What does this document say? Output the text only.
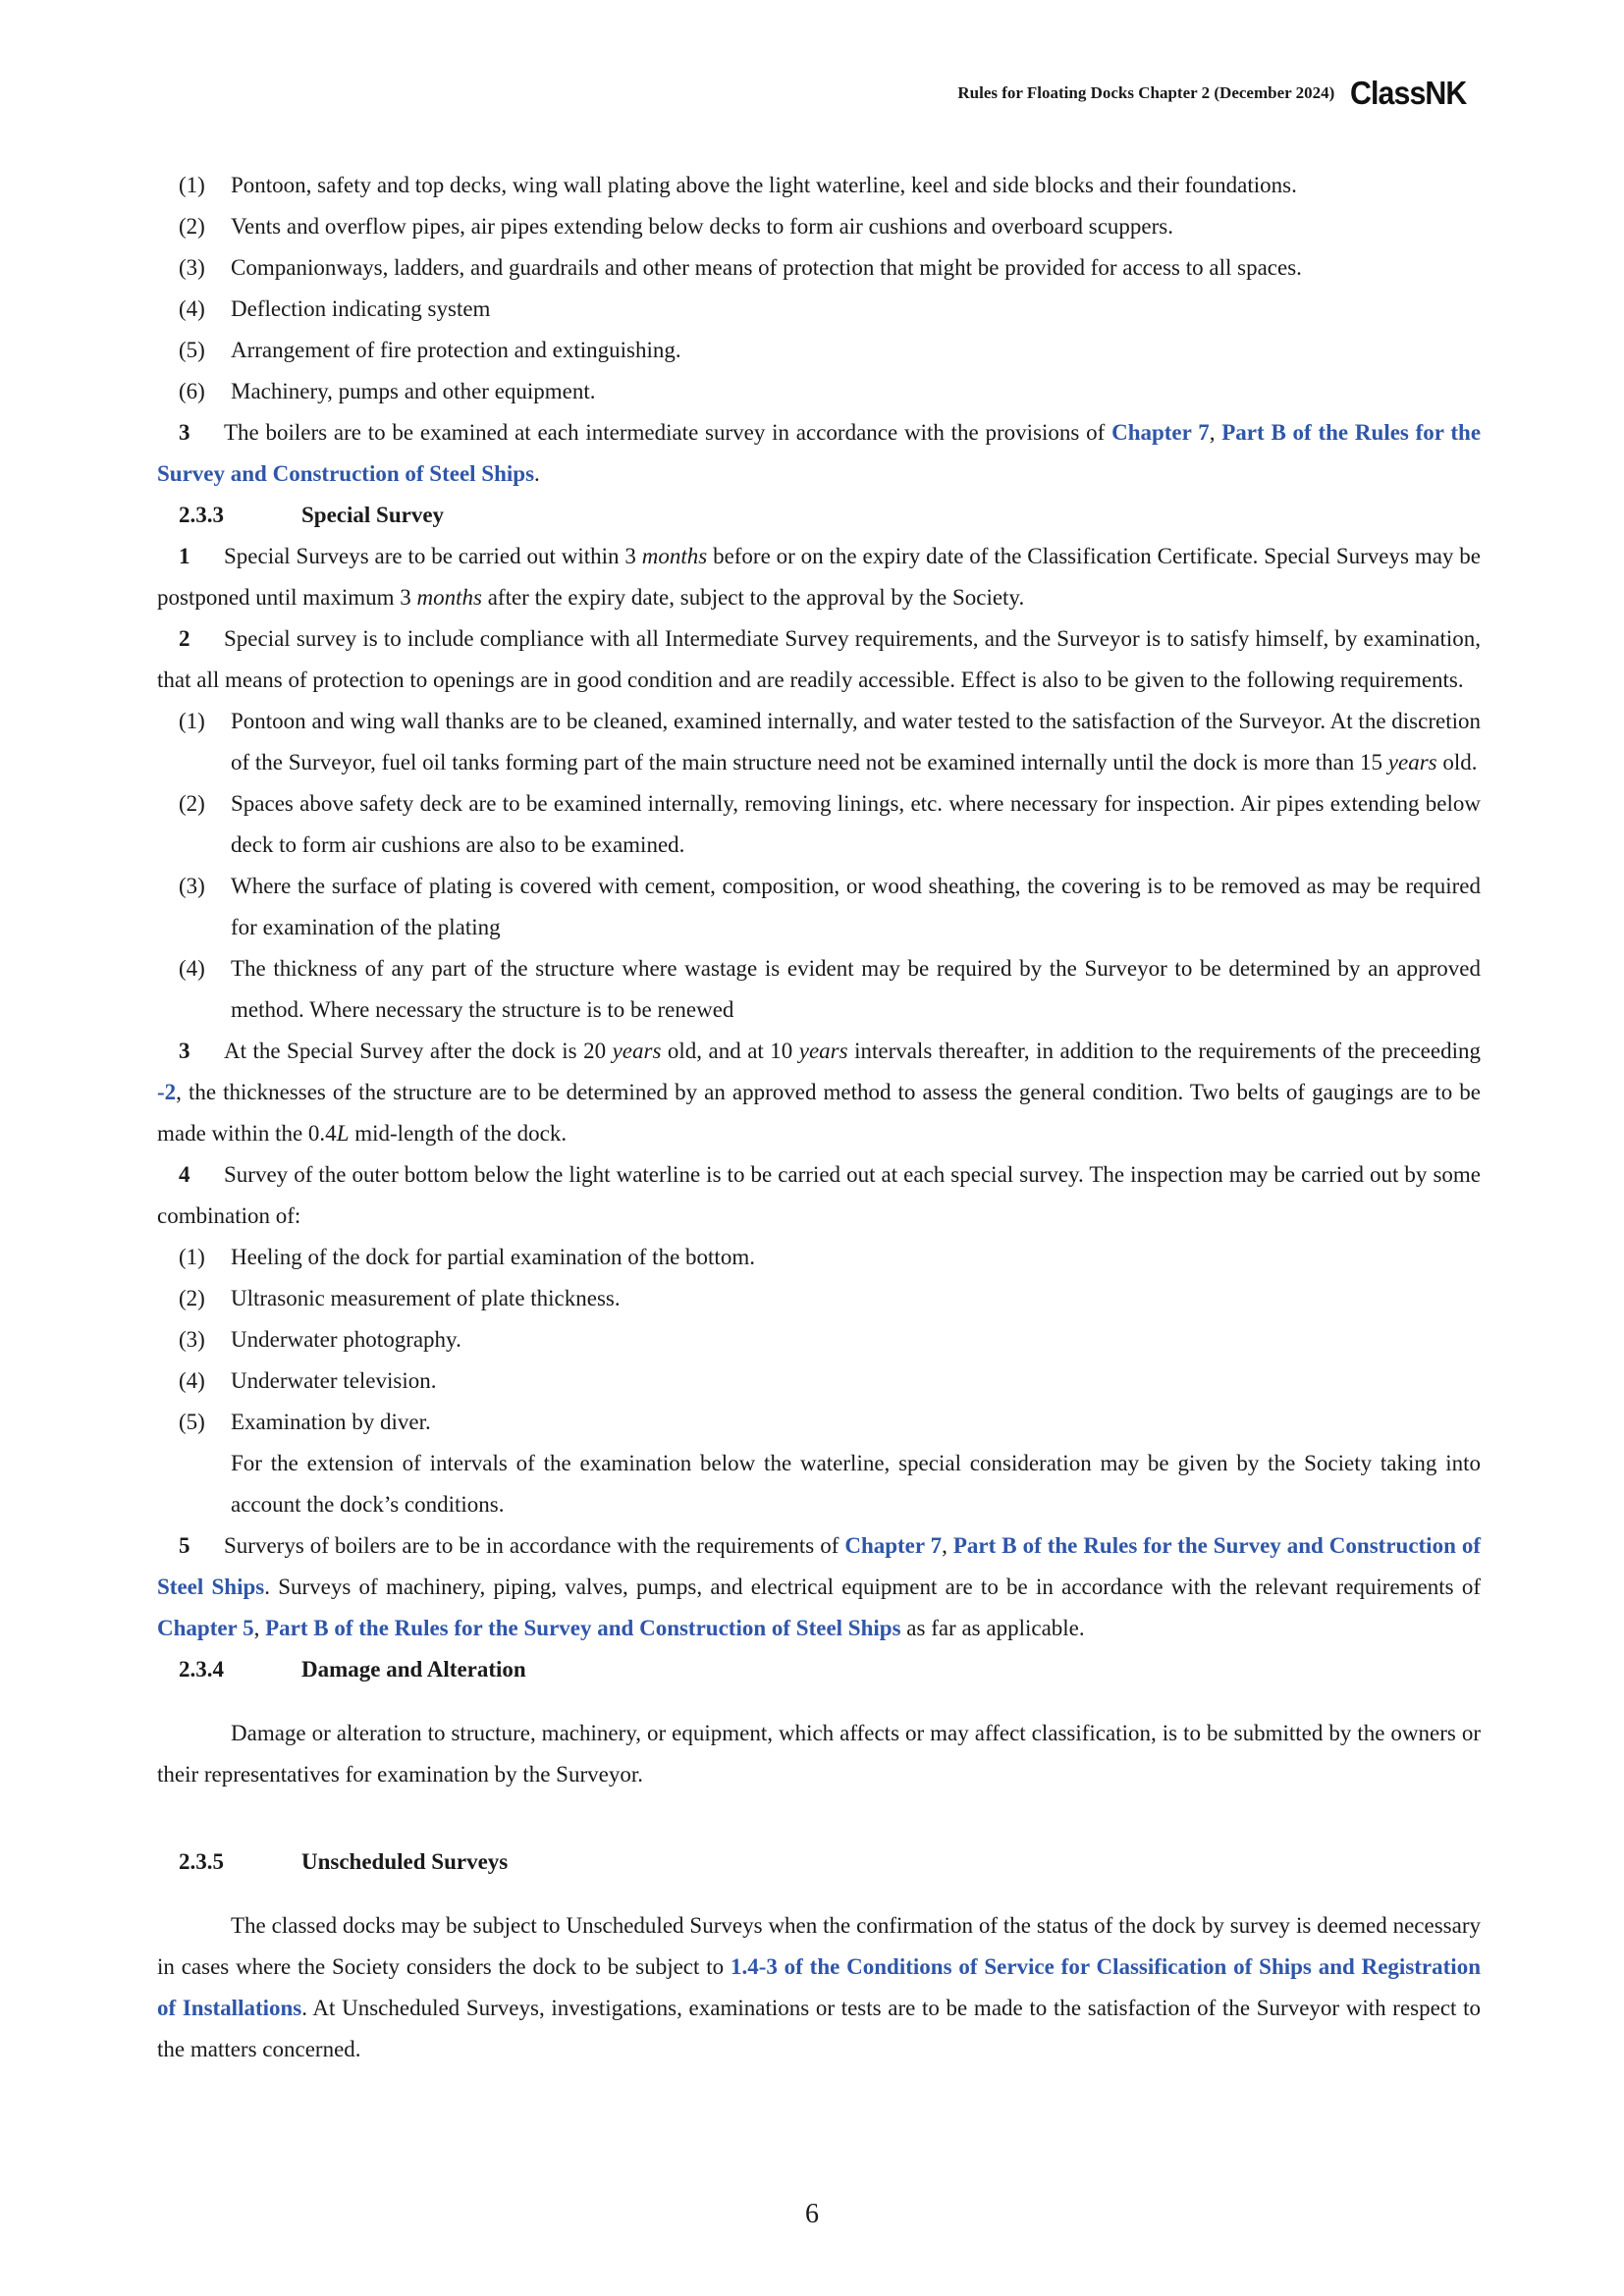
Rules for Floating Docks Chapter 2 (December 2024) ClassNK
(1)	Pontoon, safety and top decks, wing wall plating above the light waterline, keel and side blocks and their foundations.
(2)	Vents and overflow pipes, air pipes extending below decks to form air cushions and overboard scuppers.
(3)	Companionways, ladders, and guardrails and other means of protection that might be provided for access to all spaces.
(4)	Deflection indicating system
(5)	Arrangement of fire protection and extinguishing.
(6)	Machinery, pumps and other equipment.

3 The boilers are to be examined at each intermediate survey in accordance with the provisions of Chapter 7, Part B of the Rules for the Survey and Construction of Steel Ships.

2.3.3	Special Survey

1 Special Surveys are to be carried out within 3 months before or on the expiry date of the Classification Certificate. Special Surveys may be postponed until maximum 3 months after the expiry date, subject to the approval by the Society.

2 Special survey is to include compliance with all Intermediate Survey requirements, and the Surveyor is to satisfy himself, by examination, that all means of protection to openings are in good condition and are readily accessible. Effect is also to be given to the following requirements.

(1)	Pontoon and wing wall thanks are to be cleaned, examined internally, and water tested to the satisfaction of the Surveyor. At the discretion of the Surveyor, fuel oil tanks forming part of the main structure need not be examined internally until the dock is more than 15 years old.
(2)	Spaces above safety deck are to be examined internally, removing linings, etc. where necessary for inspection. Air pipes extending below deck to form air cushions are also to be examined.
(3)	Where the surface of plating is covered with cement, composition, or wood sheathing, the covering is to be removed as may be required for examination of the plating
(4)	The thickness of any part of the structure where wastage is evident may be required by the Surveyor to be determined by an approved method. Where necessary the structure is to be renewed

3 At the Special Survey after the dock is 20 years old, and at 10 years intervals thereafter, in addition to the requirements of the preceeding -2, the thicknesses of the structure are to be determined by an approved method to assess the general condition. Two belts of gaugings are to be made within the 0.4L mid-length of the dock.

4 Survey of the outer bottom below the light waterline is to be carried out at each special survey. The inspection may be carried out by some combination of:

(1)	Heeling of the dock for partial examination of the bottom.
(2)	Ultrasonic measurement of plate thickness.
(3)	Underwater photography.
(4)	Underwater television.
(5)	Examination by diver.
For the extension of intervals of the examination below the waterline, special consideration may be given by the Society taking into account the dock’s conditions.

5 Surverys of boilers are to be in accordance with the requirements of Chapter 7, Part B of the Rules for the Survey and Construction of Steel Ships. Surveys of machinery, piping, valves, pumps, and electrical equipment are to be in accordance with the relevant requirements of Chapter 5, Part B of the Rules for the Survey and Construction of Steel Ships as far as applicable.

2.3.4	Damage and Alteration

Damage or alteration to structure, machinery, or equipment, which affects or may affect classification, is to be submitted by the owners or their representatives for examination by the Surveyor.

2.3.5	Unscheduled Surveys

The classed docks may be subject to Unscheduled Surveys when the confirmation of the status of the dock by survey is deemed necessary in cases where the Society considers the dock to be subject to 1.4-3 of the Conditions of Service for Classification of Ships and Registration of Installations. At Unscheduled Surveys, investigations, examinations or tests are to be made to the satisfaction of the Surveyor with respect to the matters concerned.

6
